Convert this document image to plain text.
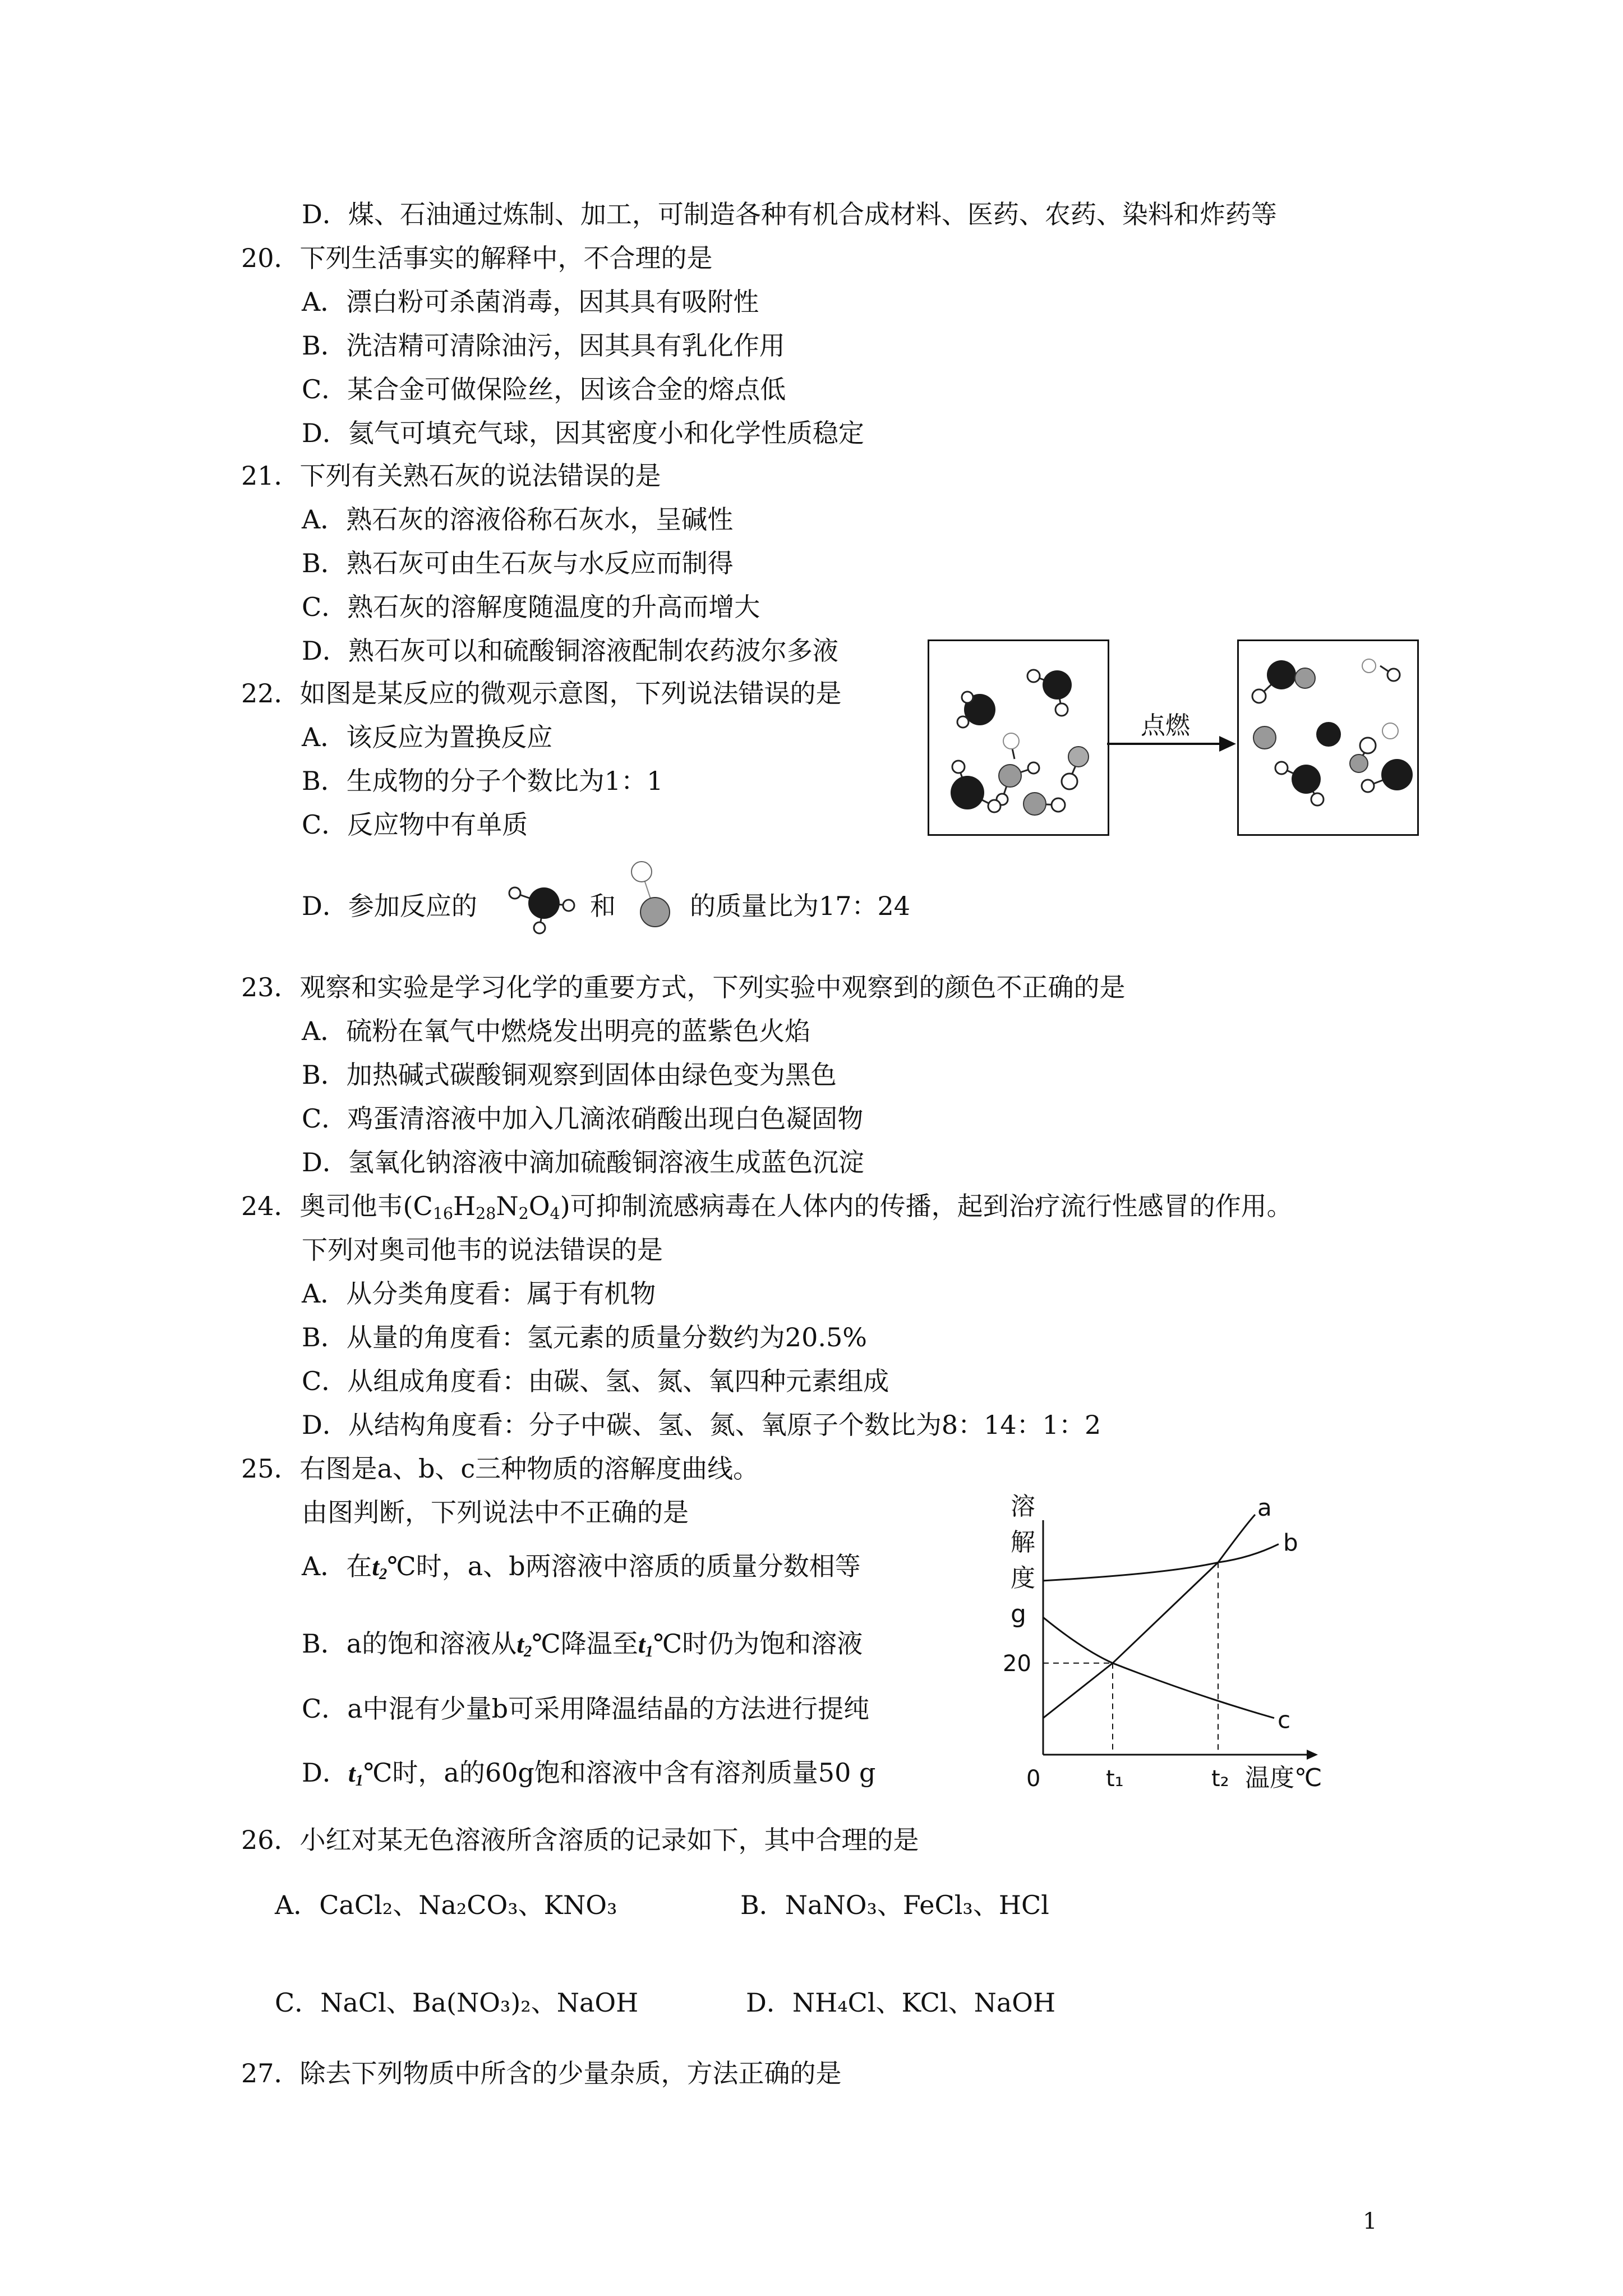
D．煤、石油通过炼制、加工，可制造各种有机合成材料、医药、农药、染料和炸药等
20．下列生活事实的解释中，不合理的是
A．漂白粉可杀菌消毒，因其具有吸附性
B．洗洁精可清除油污，因其具有乳化作用
C．某合金可做保险丝，因该合金的熔点低
D．氦气可填充气球，因其密度小和化学性质稳定
21．下列有关熟石灰的说法错误的是
A．熟石灰的溶液俗称石灰水，呈碱性
B．熟石灰可由生石灰与水反应而制得
C．熟石灰的溶解度随温度的升高而增大
D．熟石灰可以和硫酸铜溶液配制农药波尔多液
22．如图是某反应的微观示意图，下列说法错误的是
A．该反应为置换反应
B．生成物的分子个数比为1：1
C．反应物中有单质
点燃
D．参加反应的	和	的质量比为17：24
23．观察和实验是学习化学的重要方式，下列实验中观察到的颜色不正确的是
A．硫粉在氧气中燃烧发出明亮的蓝紫色火焰
B．加热碱式碳酸铜观察到固体由绿色变为黑色
C．鸡蛋清溶液中加入几滴浓硝酸出现白色凝固物
D．氢氧化钠溶液中滴加硫酸铜溶液生成蓝色沉淀
24．奥司他韦$(C_{16}H_{28}N_2O_4)$可抑制流感病毒在人体内的传播，起到治疗流行性感冒的作用。
下列对奥司他韦的说法错误的是
A．从分类角度看：属于有机物
B．从量的角度看：氢元素的质量分数约为20.5%
C．从组成角度看：由碳、氢、氮、氧四种元素组成
D．从结构角度看：分子中碳、氢、氮、氧原子个数比为8：14：1：2
25．右图是a、b、c三种物质的溶解度曲线。
由图判断，下列说法中不正确的是
A．在$t_2℃$时，a、b两溶液中溶质的质量分数相等
B．a的饱和溶液从$t_2℃$降温至$t_1℃$时仍为饱和溶液
C．a中混有少量b可采用降温结晶的方法进行提纯
D．$t_1℃$时，a的60g饱和溶液中含有溶剂质量50 g
溶
解
度
g
0	t₁	t₂ 温度℃
20
a
b
c
26．小红对某无色溶液所含溶质的记录如下，其中合理的是
A．CaCl₂、Na₂CO₃、KNO₃	B．NaNO₃、FeCl₃、HCl
C．NaCl、Ba(NO₃)₂、NaOH	D．NH₄Cl、KCl、NaOH
27．除去下列物质中所含的少量杂质，方法正确的是
1
